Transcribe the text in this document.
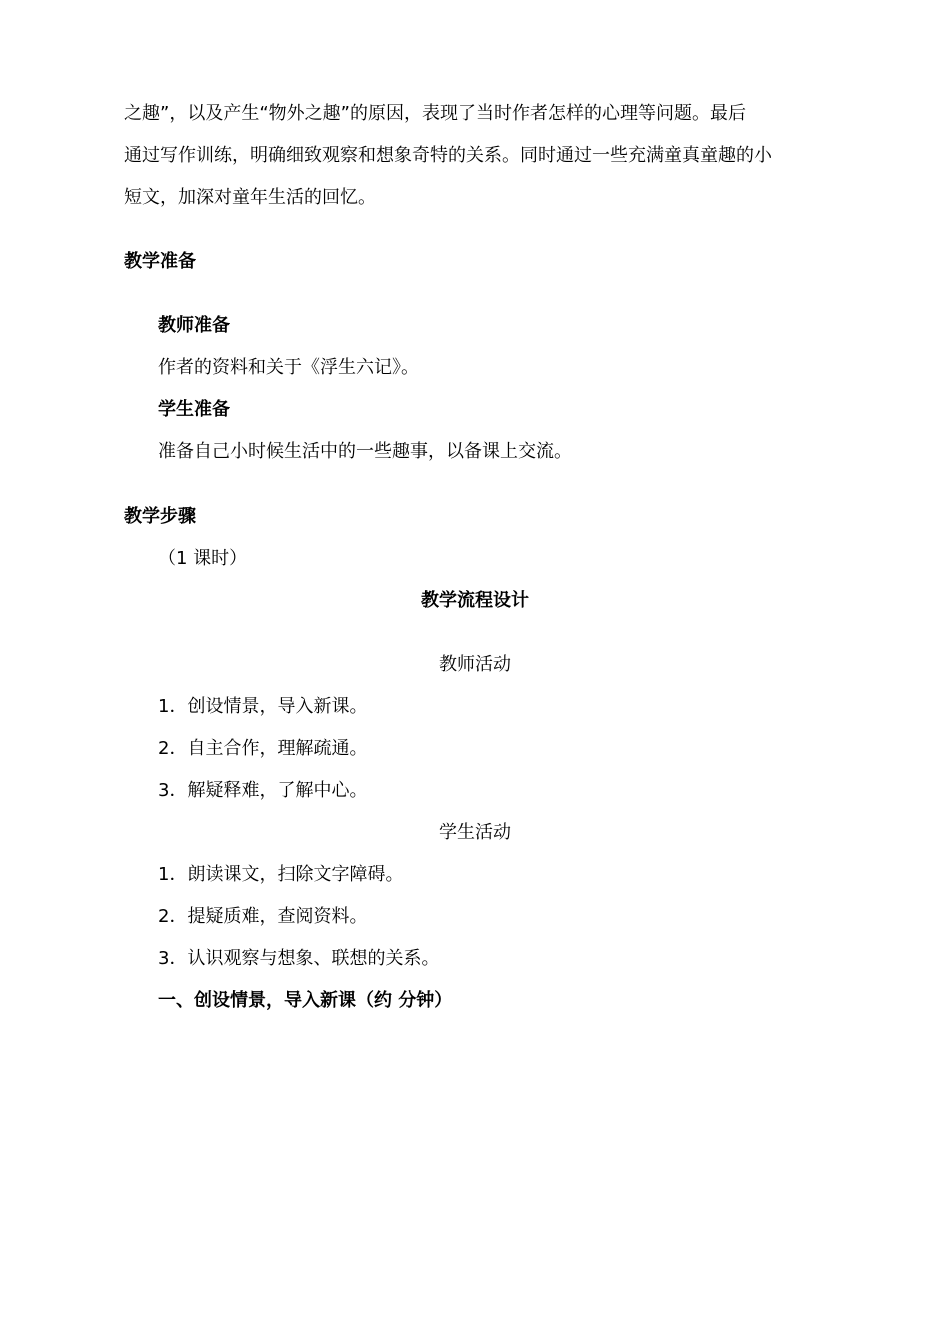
之趣”，以及产生“物外之趣”的原因，表现了当时作者怎样的心理等问题。最后
通过写作训练，明确细致观察和想象奇特的关系。同时通过一些充满童真童趣的小
短文，加深对童年生活的回忆。
教学准备
教师准备
作者的资料和关于《浮生六记》。
学生准备
准备自己小时候生活中的一些趣事，以备课上交流。
教学步骤
（1 课时）
教学流程设计
教师活动
1．创设情景，导入新课。
2．自主合作，理解疏通。
3．解疑释难，了解中心。
学生活动
1．朗读课文，扫除文字障碍。
2．提疑质难，查阅资料。
3．认识观察与想象、联想的关系。
一、创设情景，导入新课（约 分钟）
